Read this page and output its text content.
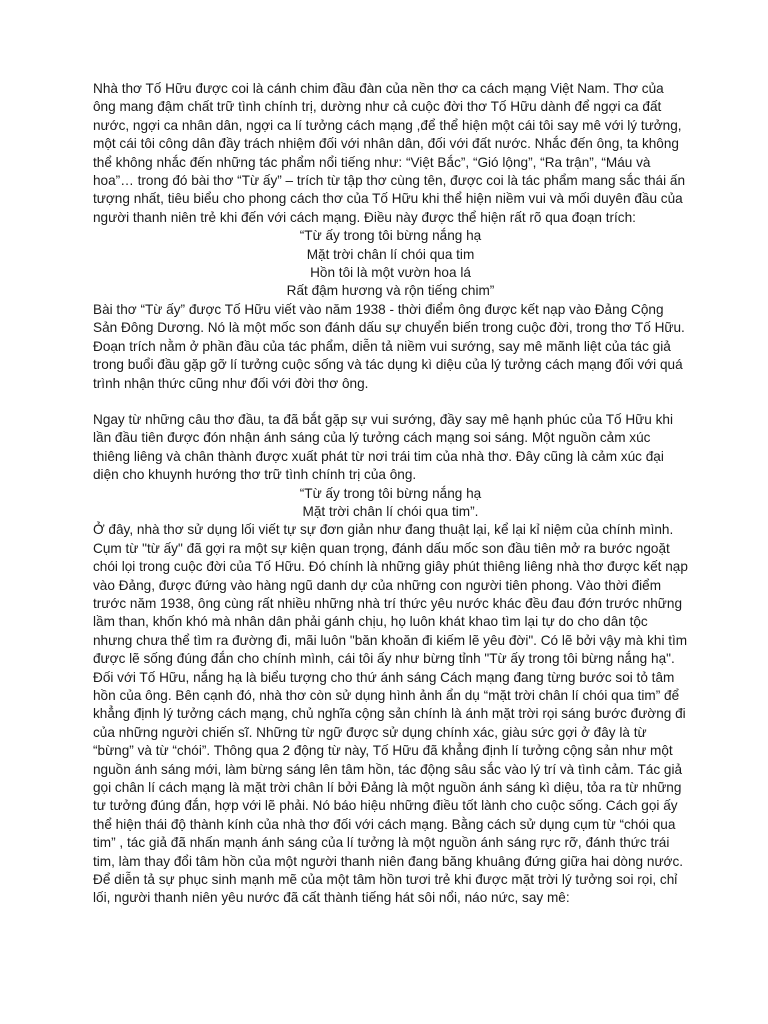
Nhà thơ Tố Hữu được coi là cánh chim đầu đàn của nền thơ ca cách mạng Việt Nam. Thơ của ông mang đậm chất trữ tình chính trị, dường như cả cuộc đời thơ Tố Hữu dành để ngợi ca đất nước, ngợi ca nhân dân, ngợi ca lí tưởng cách mạng ,để thể hiện một cái tôi say mê với lý tưởng, một cái tôi công dân đầy trách nhiệm đối với nhân dân, đối với đất nước. Nhắc đến ông, ta không thể không nhắc đến những tác phẩm nổi tiếng như: “Việt Bắc”, “Gió lộng”, “Ra trận”, “Máu và hoa”… trong đó bài thơ “Từ ấy” – trích từ tập thơ cùng tên, được coi là tác phẩm mang sắc thái ấn tượng nhất, tiêu biểu cho phong cách thơ của Tố Hữu khi thể hiện niềm vui và mối duyên đầu của người thanh niên trẻ khi đến với cách mạng. Điều này được thể hiện rất rõ qua đoạn trích:

“Từ ấy trong tôi bừng nắng hạ
Mặt trời chân lí chói qua tim
Hồn tôi là một vườn hoa lá
Rất đậm hương và rộn tiếng chim”

Bài thơ “Từ ấy” được Tố Hữu viết vào năm 1938 - thời điểm ông được kết nạp vào Đảng Cộng Sản Đông Dương. Nó là một mốc son đánh dấu sự chuyển biến trong cuộc đời, trong thơ Tố Hữu. Đoạn trích nằm ở phần đầu của tác phẩm, diễn tả niềm vui sướng, say mê mãnh liệt của tác giả trong buổi đầu gặp gỡ lí tưởng cuộc sống và tác dụng kì diệu của lý tưởng cách mạng đối với quá trình nhận thức cũng như đối với đời thơ ông.

Ngay từ những câu thơ đầu, ta đã bắt gặp sự vui sướng, đầy say mê hạnh phúc của Tố Hữu khi lần đầu tiên được đón nhận ánh sáng của lý tưởng cách mạng soi sáng. Một nguồn cảm xúc thiêng liêng và chân thành được xuất phát từ nơi trái tim của nhà thơ. Đây cũng là cảm xúc đại diện cho khuynh hướng thơ trữ tình chính trị của ông.

“Từ ấy trong tôi bừng nắng hạ
Mặt trời chân lí chói qua tim”.

Ở đây, nhà thơ sử dụng lối viết tự sự đơn giản như đang thuật lại, kể lại kỉ niệm của chính mình. Cụm từ "từ ấy" đã gợi ra một sự kiện quan trọng, đánh dấu mốc son đầu tiên mở ra bước ngoặt chói lọi trong cuộc đời của Tố Hữu. Đó chính là những giây phút thiêng liêng nhà thơ được kết nạp vào Đảng, được đứng vào hàng ngũ danh dự của những con người tiên phong. Vào thời điểm trước năm 1938, ông cùng rất nhiều những nhà trí thức yêu nước khác đều đau đớn trước những lầm than, khốn khó mà nhân dân phải gánh chịu, họ luôn khát khao tìm lại tự do cho dân tộc nhưng chưa thể tìm ra đường đi, mãi luôn "băn khoăn đi kiếm lẽ yêu đời". Có lẽ bởi vậy mà khi tìm được lẽ sống đúng đắn cho chính mình, cái tôi ấy như bừng tỉnh "Từ ấy trong tôi bừng nắng hạ". Đối với Tố Hữu, nắng hạ là biểu tượng cho thứ ánh sáng Cách mạng đang từng bước soi tỏ tâm hồn của ông. Bên cạnh đó, nhà thơ còn sử dụng hình ảnh ẩn dụ “mặt trời chân lí chói qua tim” để khẳng định lý tưởng cách mạng, chủ nghĩa cộng sản chính là ánh mặt trời rọi sáng bước đường đi của những người chiến sĩ. Những từ ngữ được sử dụng chính xác, giàu sức gợi ở đây là từ “bừng” và từ “chói”. Thông qua 2 động từ này, Tố Hữu đã khẳng định lí tưởng cộng sản như một nguồn ánh sáng mới, làm bừng sáng lên tâm hồn, tác động sâu sắc vào lý trí và tình cảm. Tác giả gọi chân lí cách mạng là mặt trời chân lí bởi Đảng là một nguồn ánh sáng kì diệu, tỏa ra từ những tư tưởng đúng đắn, hợp với lẽ phải. Nó báo hiệu những điều tốt lành cho cuộc sống. Cách gọi ấy thể hiện thái độ thành kính của nhà thơ đối với cách mạng. Bằng cách sử dụng cụm từ “chói qua tim” , tác giả đã nhấn mạnh ánh sáng của lí tưởng là một nguồn ánh sáng rực rỡ, đánh thức trái tim, làm thay đổi tâm hồn của một người thanh niên đang băng khuâng đứng giữa hai dòng nước.

Để diễn tả sự phục sinh mạnh mẽ của một tâm hồn tươi trẻ khi được mặt trời lý tưởng soi rọi, chỉ lối, người thanh niên yêu nước đã cất thành tiếng hát sôi nổi, náo nức, say mê:
